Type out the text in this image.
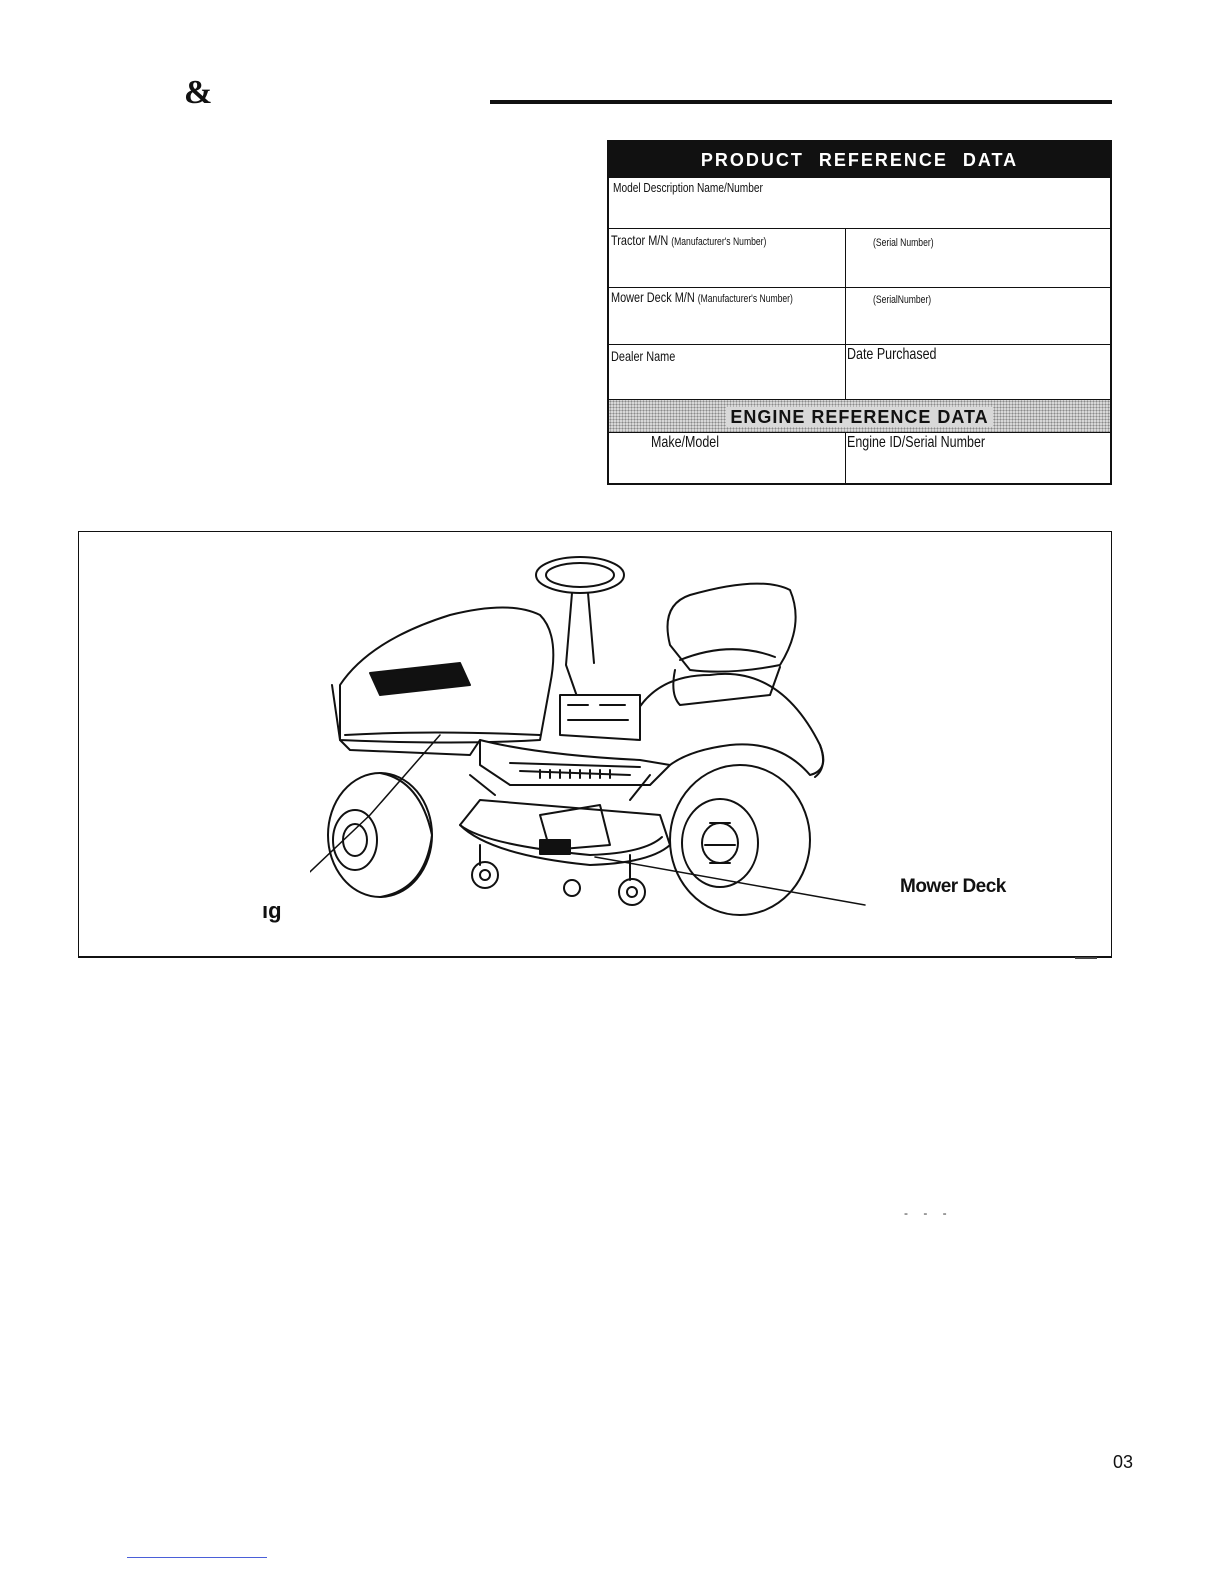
&
PRODUCT REFERENCE DATA
Model Description Name/Number
Tractor M/N (Manufacturer's Number)	(Serial Number)
Mower Deck M/N (Manufacturer's Number)	(SerialNumber)
Dealer Name	Date Purchased
ENGINE REFERENCE DATA
Make/Model	Engine ID/Serial Number
ıg
Mower Deck
- - -
03
